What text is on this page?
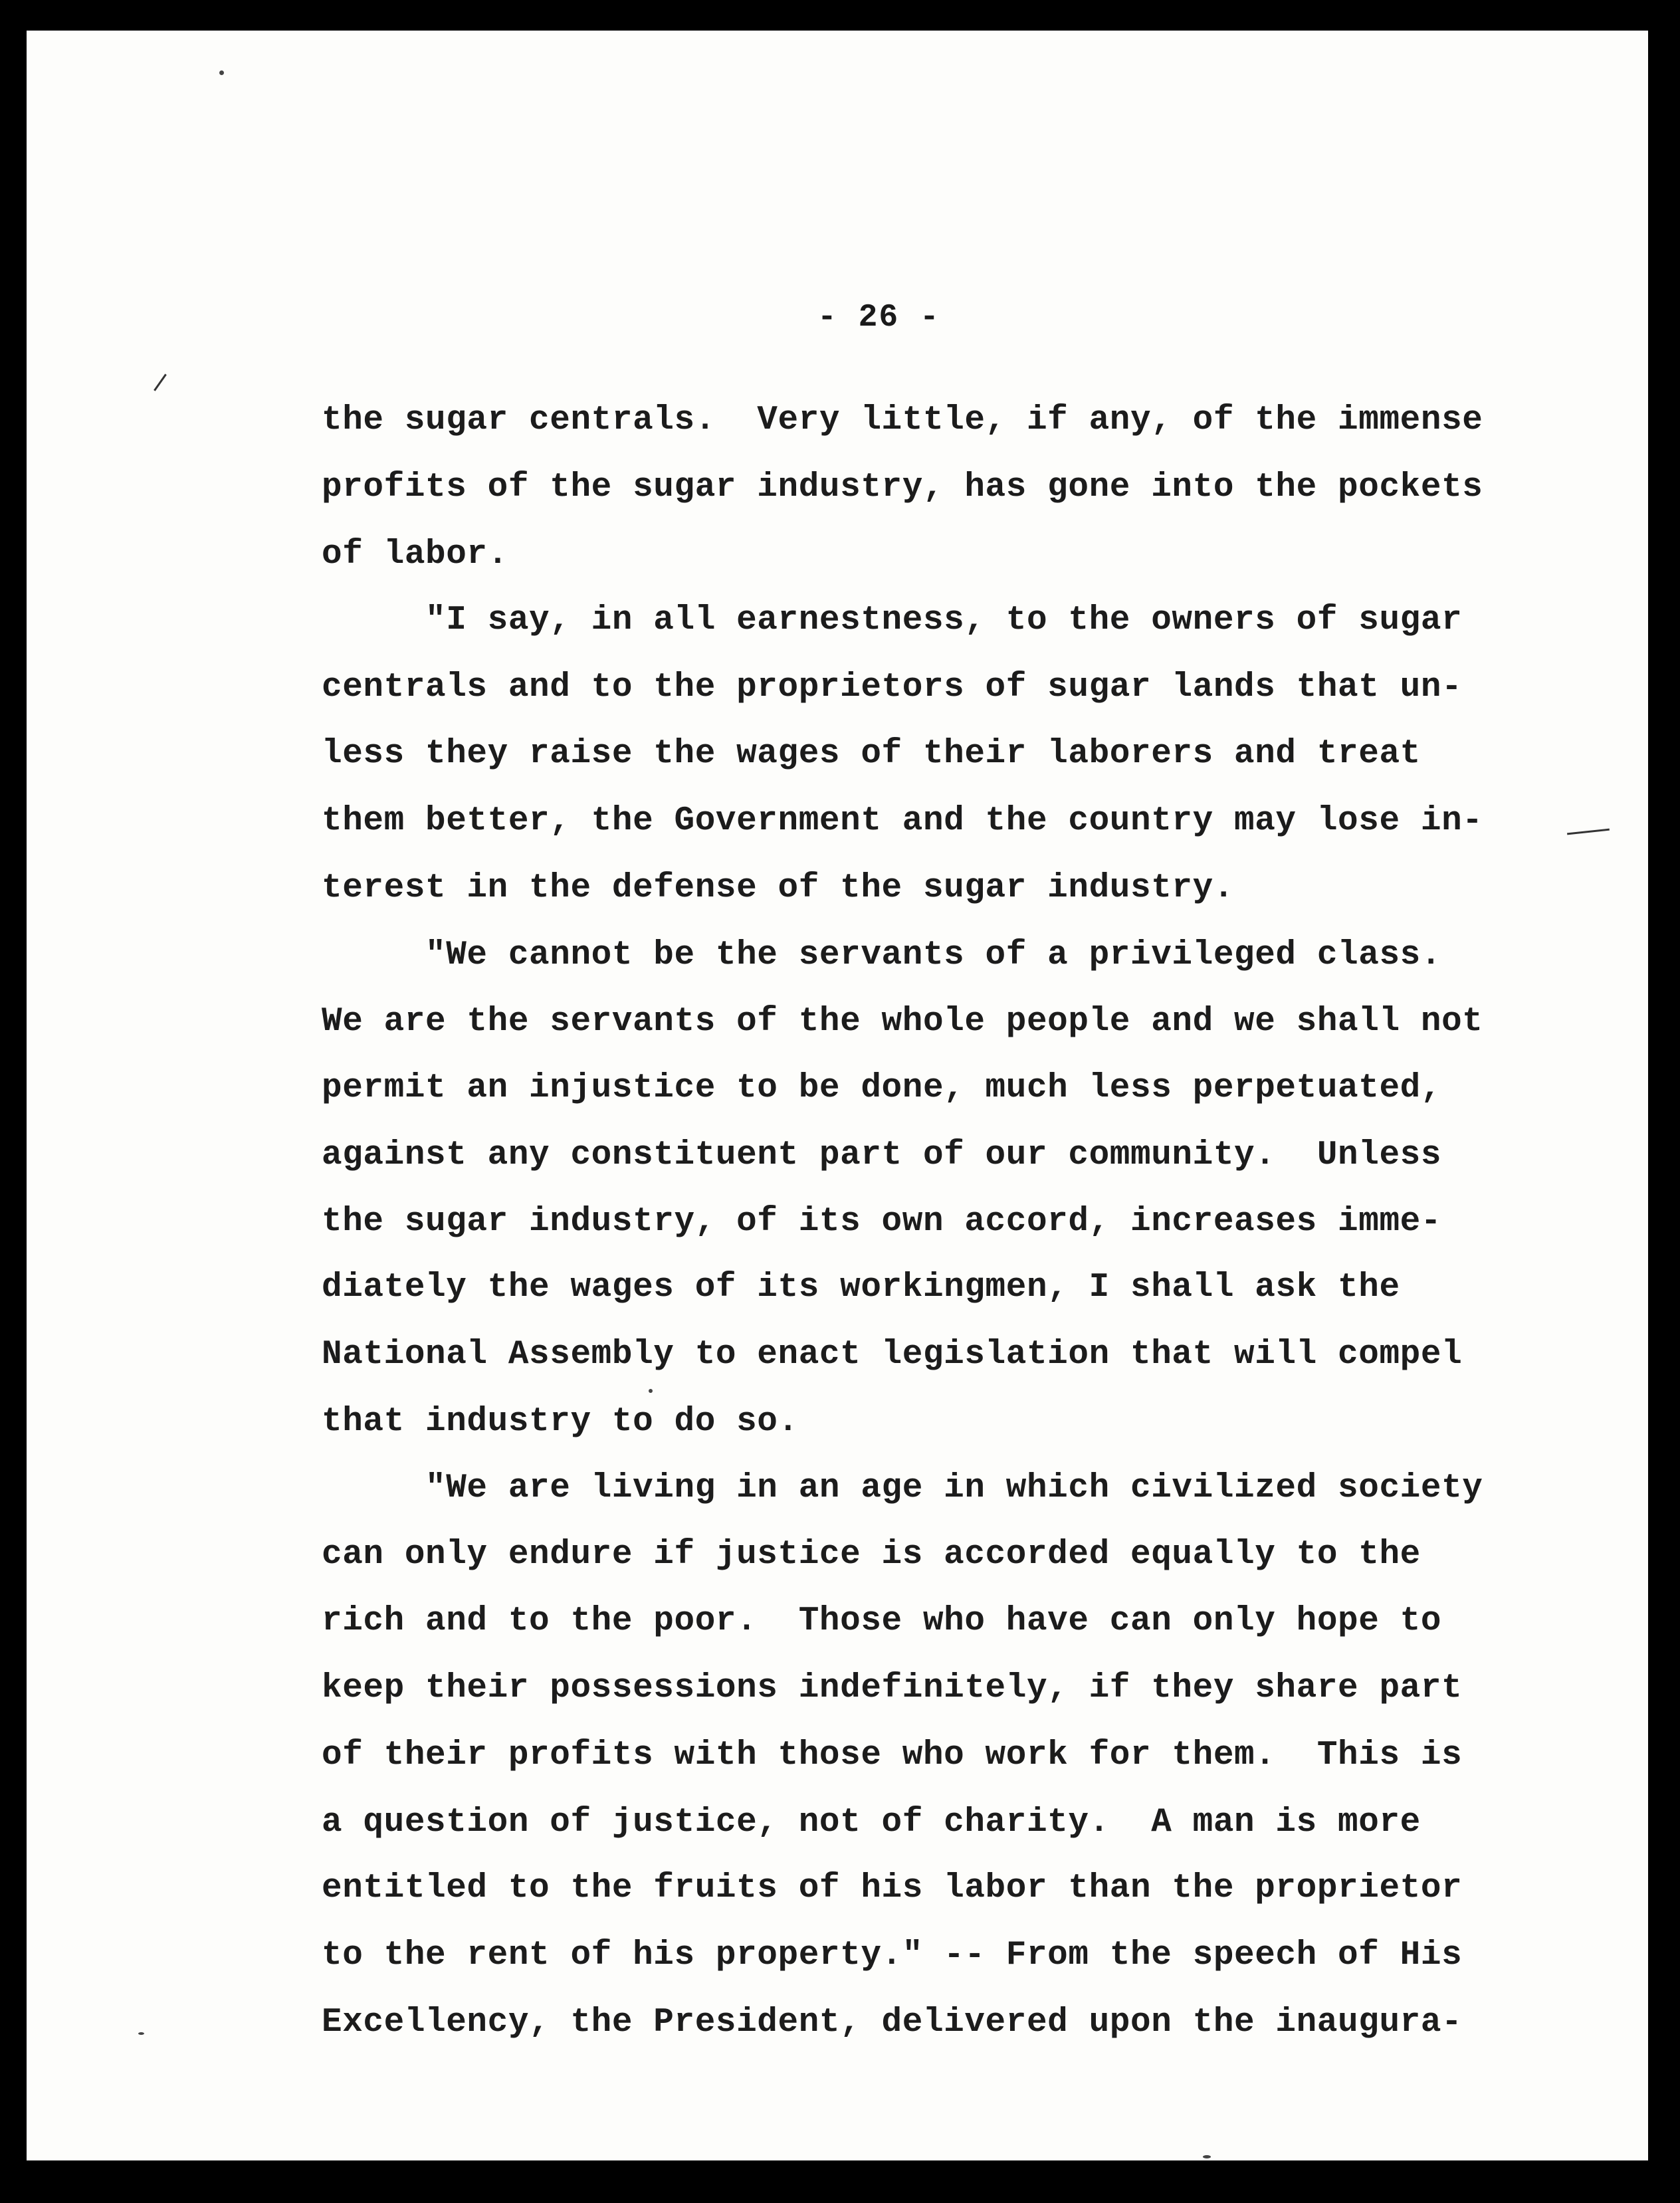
- 26 -
the sugar centrals.  Very little, if any, of the immense
profits of the sugar industry, has gone into the pockets
of labor.
"I say, in all earnestness, to the owners of sugar
centrals and to the proprietors of sugar lands that un-
less they raise the wages of their laborers and treat
them better, the Government and the country may lose in-
terest in the defense of the sugar industry.
"We cannot be the servants of a privileged class.
We are the servants of the whole people and we shall not
permit an injustice to be done, much less perpetuated,
against any constituent part of our community.  Unless
the sugar industry, of its own accord, increases imme-
diately the wages of its workingmen, I shall ask the
National Assembly to enact legislation that will compel
that industry to do so.
"We are living in an age in which civilized society
can only endure if justice is accorded equally to the
rich and to the poor.  Those who have can only hope to
keep their possessions indefinitely, if they share part
of their profits with those who work for them.  This is
a question of justice, not of charity.  A man is more
entitled to the fruits of his labor than the proprietor
to the rent of his property." -- From the speech of His
Excellency, the President, delivered upon the inaugura-
